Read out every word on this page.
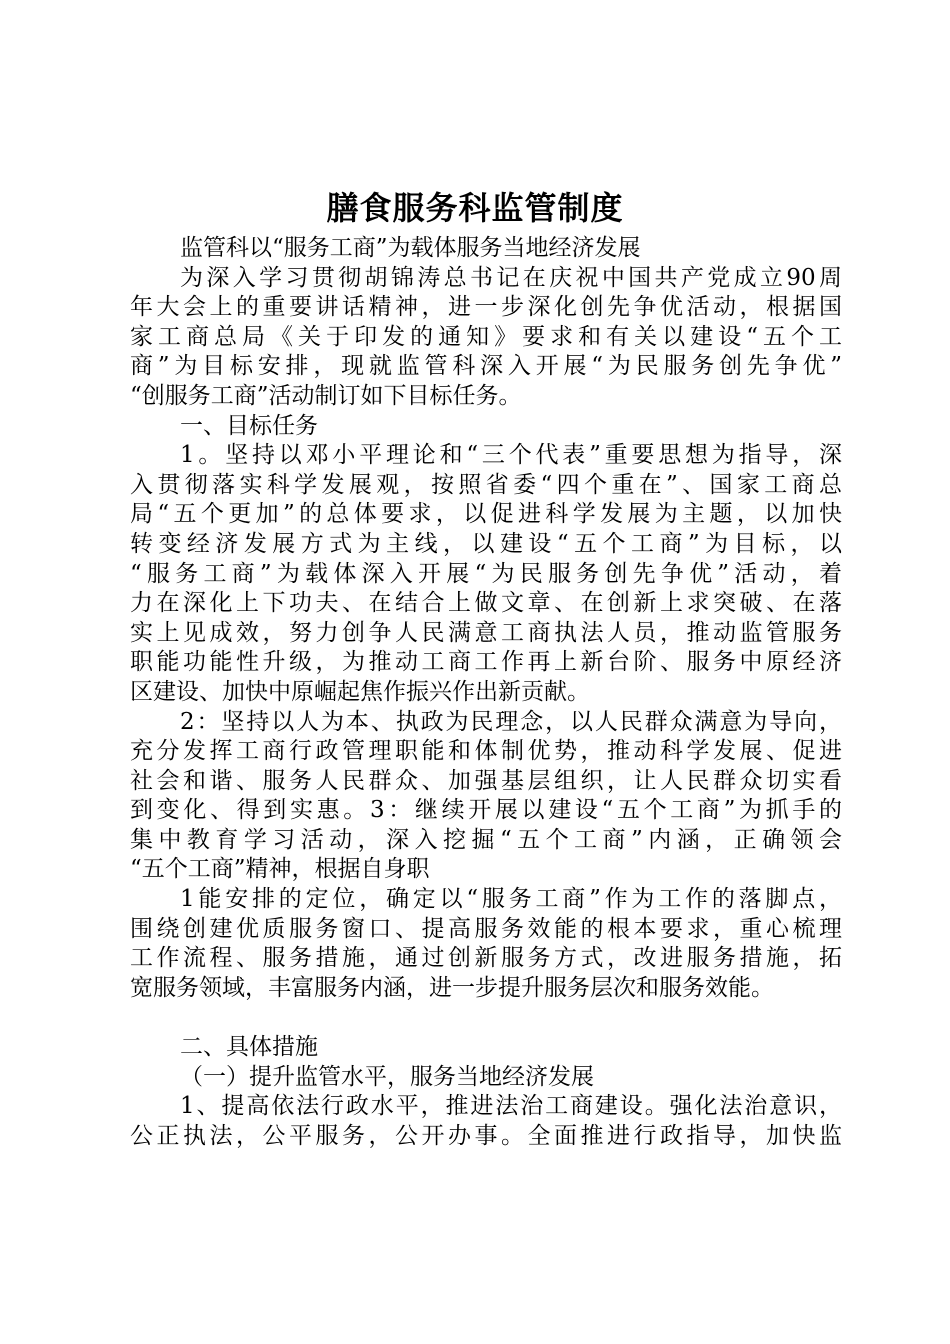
膳食服务科监管制度
监管科以“服务工商”为载体服务当地经济发展
为深入学习贯彻胡锦涛总书记在庆祝中国共产党成立90周
年大会上的重要讲话精神，进一步深化创先争优活动，根据国
家工商总局《关于印发的通知》要求和有关以建设“五个工
商”为目标安排，现就监管科深入开展“为民服务创先争优”
“创服务工商”活动制订如下目标任务。
一、目标任务
1。坚持以邓小平理论和“三个代表”重要思想为指导，深
入贯彻落实科学发展观，按照省委“四个重在”、国家工商总
局“五个更加”的总体要求，以促进科学发展为主题，以加快
转变经济发展方式为主线，以建设“五个工商”为目标，以
“服务工商”为载体深入开展“为民服务创先争优”活动，着
力在深化上下功夫、在结合上做文章、在创新上求突破、在落
实上见成效，努力创争人民满意工商执法人员，推动监管服务
职能功能性升级，为推动工商工作再上新台阶、服务中原经济
区建设、加快中原崛起焦作振兴作出新贡献。
2：坚持以人为本、执政为民理念，以人民群众满意为导向，
充分发挥工商行政管理职能和体制优势，推动科学发展、促进
社会和谐、服务人民群众、加强基层组织，让人民群众切实看
到变化、得到实惠。3：继续开展以建设“五个工商”为抓手的
集中教育学习活动，深入挖掘“五个工商”内涵，正确领会
“五个工商”精神，根据自身职
1能安排的定位，确定以“服务工商”作为工作的落脚点，
围绕创建优质服务窗口、提高服务效能的根本要求，重心梳理
工作流程、服务措施，通过创新服务方式，改进服务措施，拓
宽服务领域，丰富服务内涵，进一步提升服务层次和服务效能。
二、具体措施
（一）提升监管水平，服务当地经济发展
1、提高依法行政水平，推进法治工商建设。强化法治意识，
公正执法，公平服务，公开办事。全面推进行政指导，加快监
